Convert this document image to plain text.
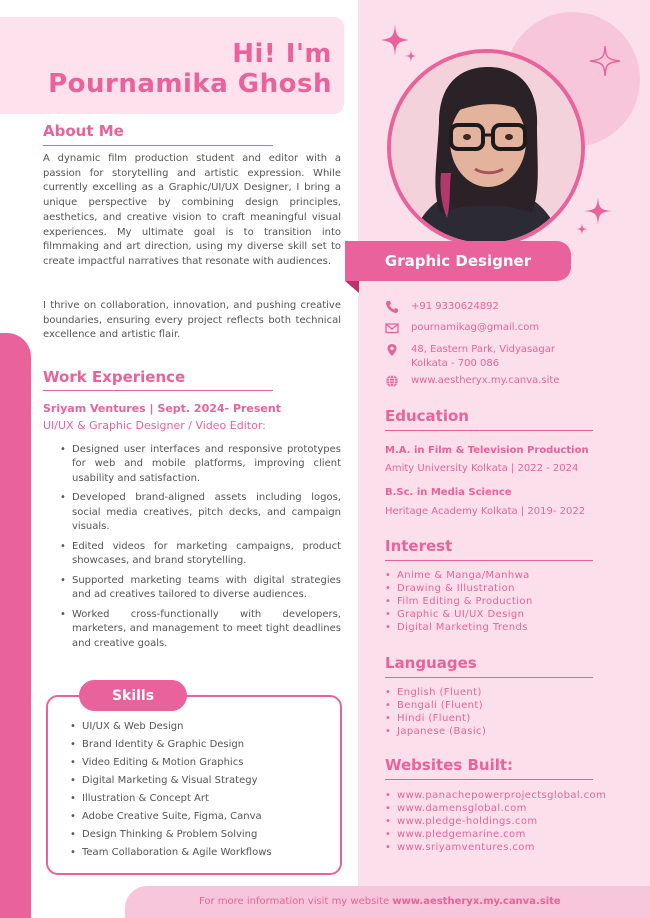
Hi! I'm
Pournamika Ghosh
Graphic Designer
About Me

A dynamic film production student and editor with a passion for storytelling and artistic expression. While currently excelling as a Graphic/UI/UX Designer, I bring a unique perspective by combining design principles, aesthetics, and creative vision to craft meaningful visual experiences. My ultimate goal is to transition into filmmaking and art direction, using my diverse skill set to create impactful narratives that resonate with audiences.

I thrive on collaboration, innovation, and pushing creative boundaries, ensuring every project reflects both technical excellence and artistic flair.

Work Experience
Sriyam Ventures | Sept. 2024- Present
UI/UX & Graphic Designer / Video Editor:
• Designed user interfaces and responsive prototypes for web and mobile platforms, improving client usability and satisfaction.
• Developed brand-aligned assets including logos, social media creatives, pitch decks, and campaign visuals.
• Edited videos for marketing campaigns, product showcases, and brand storytelling.
• Supported marketing teams with digital strategies and ad creatives tailored to diverse audiences.
• Worked cross-functionally with developers, marketers, and management to meet tight deadlines and creative goals.
Skills
• UI/UX & Web Design
• Brand Identity & Graphic Design
• Video Editing & Motion Graphics
• Digital Marketing & Visual Strategy
• Illustration & Concept Art
• Adobe Creative Suite, Figma, Canva
• Design Thinking & Problem Solving
• Team Collaboration & Agile Workflows
+91 9330624892
pournamikag@gmail.com
48, Eastern Park, Vidyasagar
Kolkata - 700 086
www.aestheryx.my.canva.site
Education
M.A. in Film & Television Production
Amity University Kolkata | 2022 - 2024
B.Sc. in Media Science
Heritage Academy Kolkata | 2019- 2022
Interest
• Anime & Manga/Manhwa
• Drawing & Illustration
• Film Editing & Production
• Graphic & UI/UX Design
• Digital Marketing Trends
Languages
• English (Fluent)
• Bengali (Fluent)
• Hindi (Fluent)
• Japanese (Basic)
Websites Built:
• www.panachepowerprojectsglobal.com
• www.damensglobal.com
• www.pledge-holdings.com
• www.pledgemarine.com
• www.sriyamventures.com
For more information visit my website www.aestheryx.my.canva.site
